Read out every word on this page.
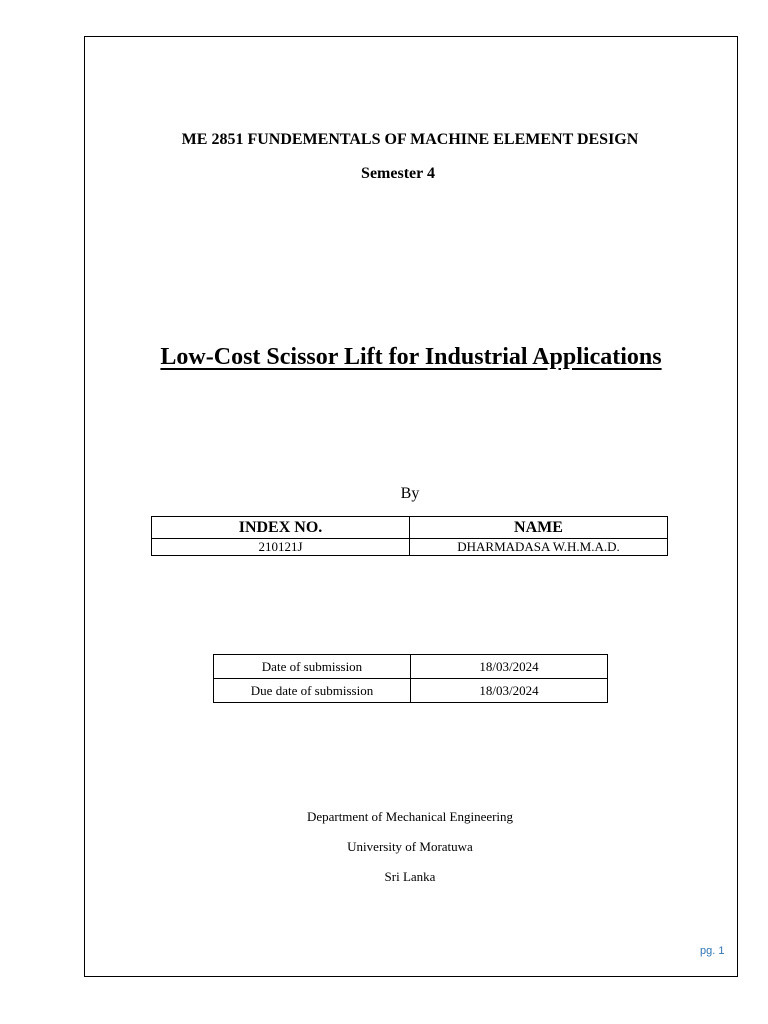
ME 2851 FUNDEMENTALS OF MACHINE ELEMENT DESIGN
Semester 4
Low-Cost Scissor Lift for Industrial Applications
By
INDEX NO.	NAME
210121J	DHARMADASA W.H.M.A.D.
Date of submission	18/03/2024
Due date of submission	18/03/2024
Department of Mechanical Engineering
University of Moratuwa
Sri Lanka
pg. 1
